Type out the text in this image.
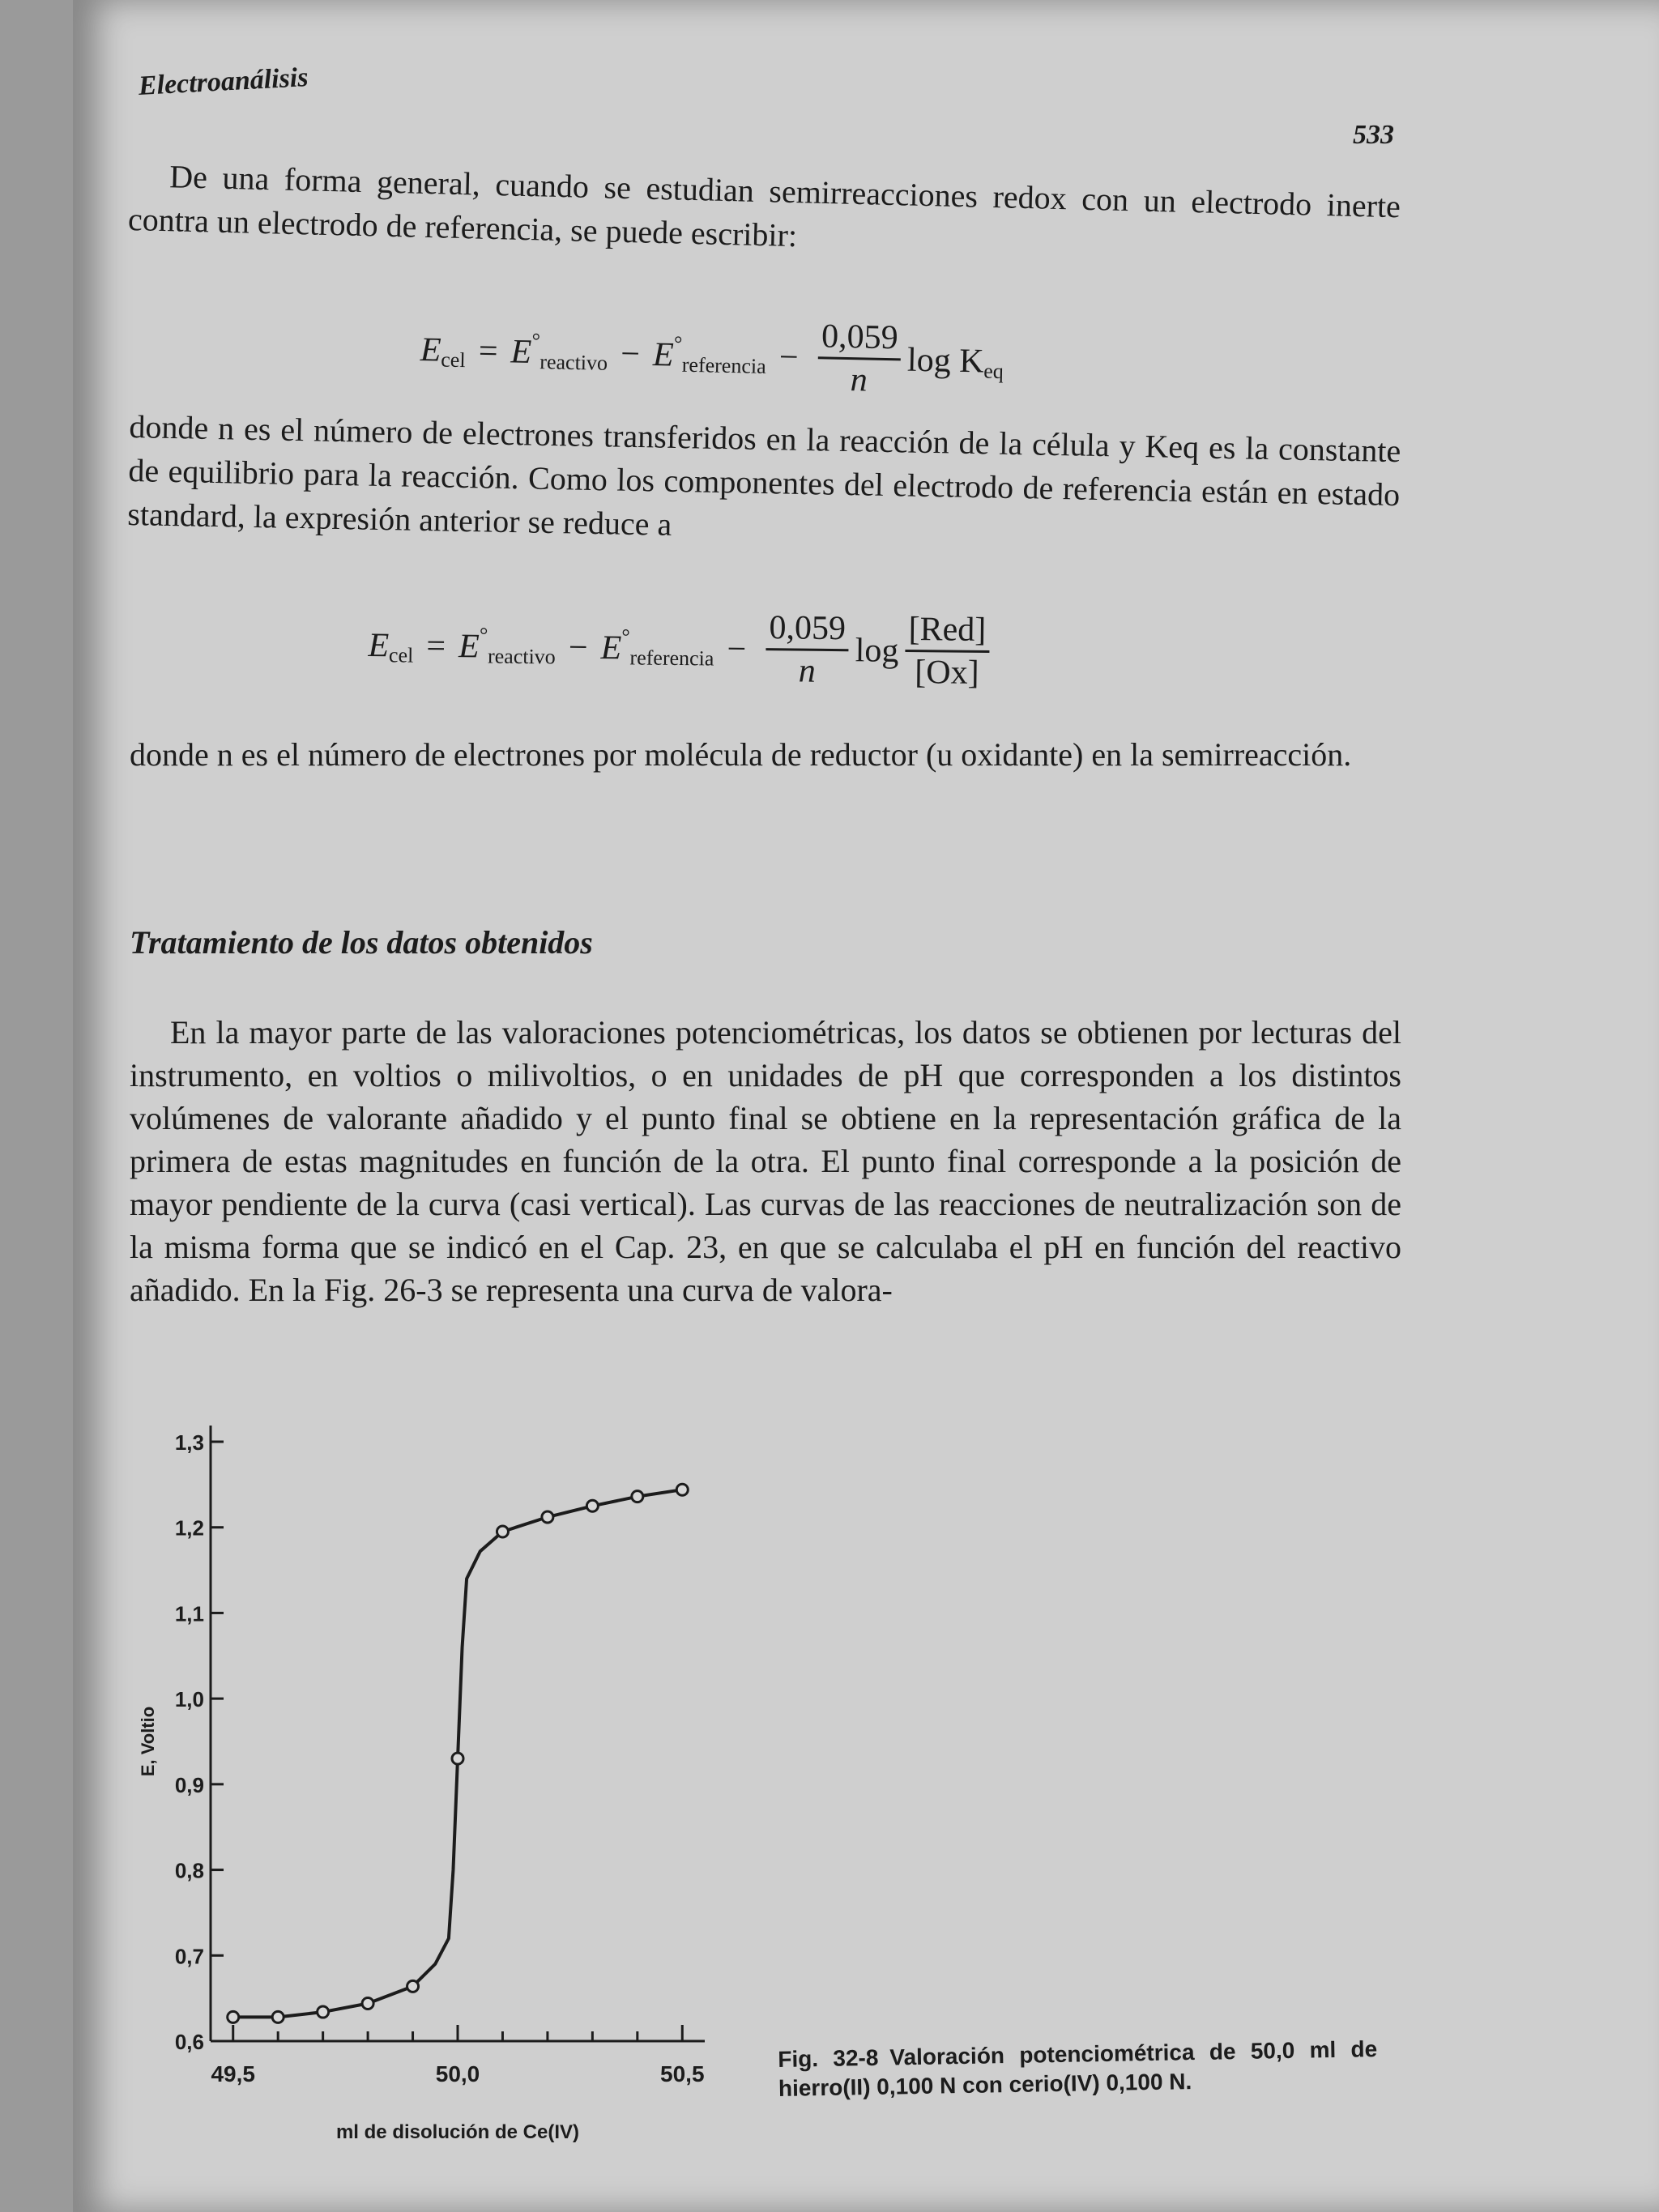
Electroanálisis
533
De una forma general, cuando se estudian semirreacciones redox con un electrodo inerte contra un electrodo de referencia, se puede escribir:
E
cel = E °
reactivo − E °
referencia − $\frac{0,059}{n}$ log K
eq
donde n es el número de electrones transferidos en la reacción de la célula y Keq es la constante de equilibrio para la reacción. Como los componentes del electrodo de referencia están en estado standard, la expresión anterior se reduce a
E cel = E °
reactivo − E °
referencia − $\frac{0,059}{n}$ $\log \frac{\text{[Red]}}{[Ox]}$
donde n es el número de electrones por molécula de reductor (u oxidante) en la semirreacción.
Tratamiento de los datos obtenidos
En la mayor parte de las valoraciones potenciométricas, los datos se obtienen por lecturas del instrumento, en voltios o milivoltios, o en unidades de pH que corresponden a los distintos volúmenes de valorante añadido y el punto final se obtiene en la representación gráfica de la primera de estas magnitudes en función de la otra. El punto final corresponde a la posición de mayor pendiente de la curva (casi vertical). Las curvas de las reacciones de neutralización son de la misma forma que se indicó en el Cap. 23, en que se calculaba el pH en función del reactivo añadido. En la Fig. 26-3 se representa una curva de valora-
1,3
1,2
1,1
1,0
0,9
0,8
0,7
0,6
49,5	50,0	50,5
ml de disolución de Ce(IV)
E, Voltio
Fig. 32-8 Valoración potenciométrica de 50,0 ml de hierro(II) 0,100 N con cerio(IV) 0,100 N.
